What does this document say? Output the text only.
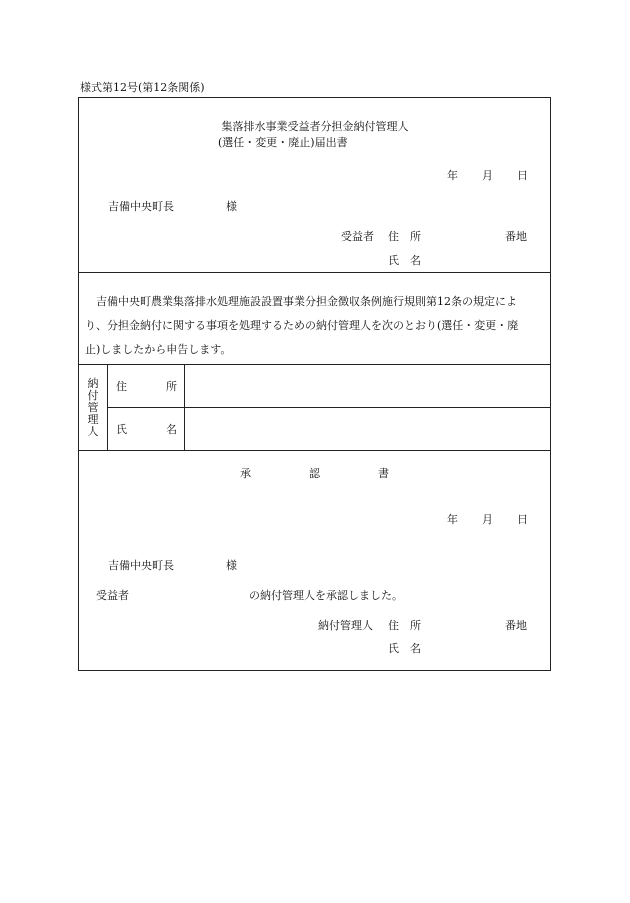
様式第12号(第12条関係)
集落排水事業受益者分担金納付管理人
(選任・変更・廃止)届出書
年 月 日
吉備中央町長	様
受益者 住　所	番地
氏　名
吉備中央町農業集落排水処理施設設置事業分担金徴収条例施行規則第12条の規定によ
り、分担金納付に関する事項を処理するための納付管理人を次のとおり(選任・変更・廃
止)しましたから申告します。
納付管理人
住	所
氏	名
承	認	書
年 月 日
吉備中央町長	様
受益者	の納付管理人を承認しました。
納付管理人 住　所	番地
氏　名
